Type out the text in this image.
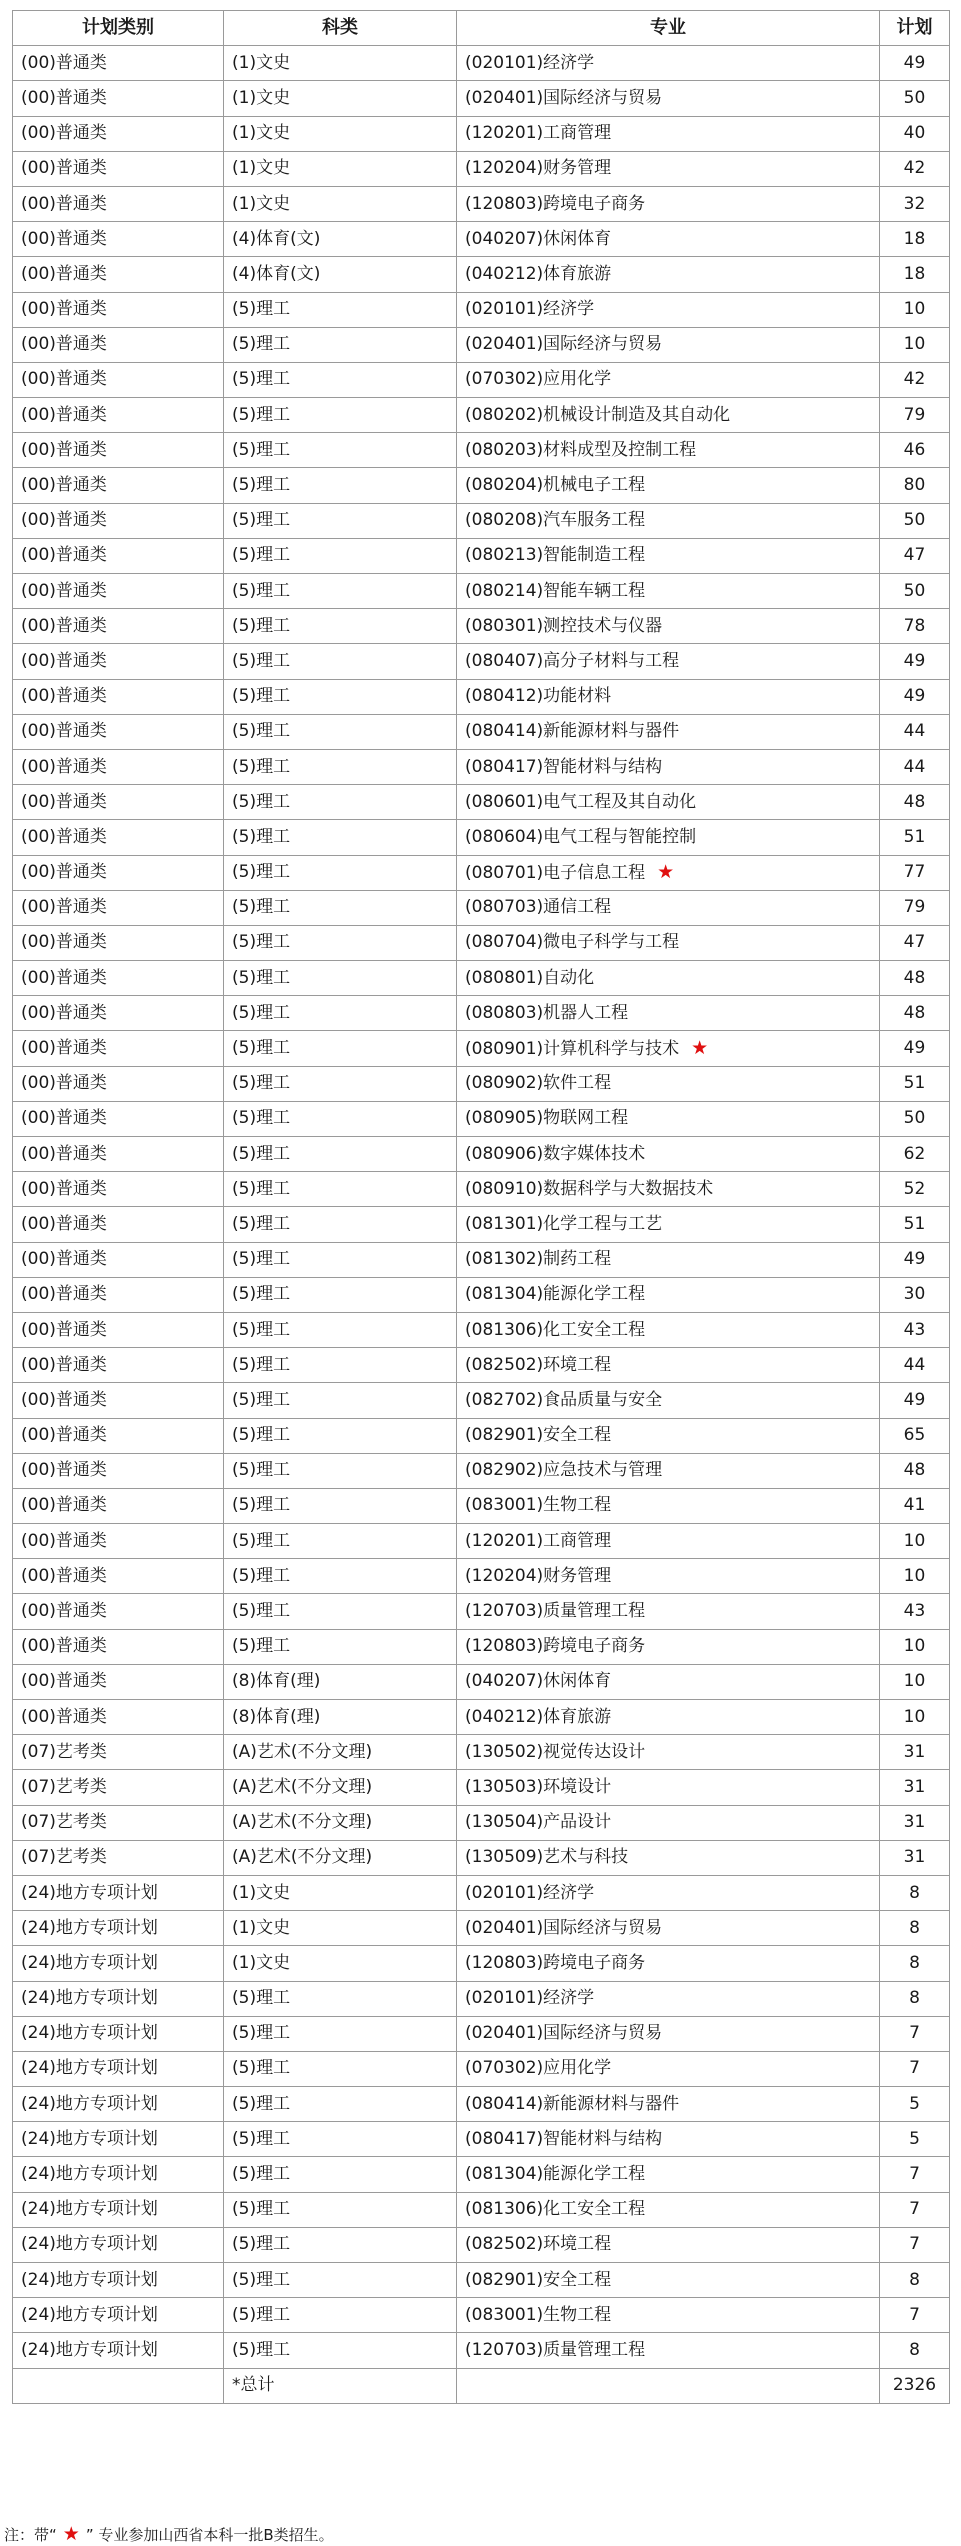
计划类别	科类	专业	计划
(00)普通类	(1)文史	(020101)经济学	49
(00)普通类	(1)文史	(020401)国际经济与贸易	50
(00)普通类	(1)文史	(120201)工商管理	40
(00)普通类	(1)文史	(120204)财务管理	42
(00)普通类	(1)文史	(120803)跨境电子商务	32
(00)普通类	(4)体育(文)	(040207)休闲体育	18
(00)普通类	(4)体育(文)	(040212)体育旅游	18
(00)普通类	(5)理工	(020101)经济学	10
(00)普通类	(5)理工	(020401)国际经济与贸易	10
(00)普通类	(5)理工	(070302)应用化学	42
(00)普通类	(5)理工	(080202)机械设计制造及其自动化	79
(00)普通类	(5)理工	(080203)材料成型及控制工程	46
(00)普通类	(5)理工	(080204)机械电子工程	80
(00)普通类	(5)理工	(080208)汽车服务工程	50
(00)普通类	(5)理工	(080213)智能制造工程	47
(00)普通类	(5)理工	(080214)智能车辆工程	50
(00)普通类	(5)理工	(080301)测控技术与仪器	78
(00)普通类	(5)理工	(080407)高分子材料与工程	49
(00)普通类	(5)理工	(080412)功能材料	49
(00)普通类	(5)理工	(080414)新能源材料与器件	44
(00)普通类	(5)理工	(080417)智能材料与结构	44
(00)普通类	(5)理工	(080601)电气工程及其自动化	48
(00)普通类	(5)理工	(080604)电气工程与智能控制	51
(00)普通类	(5)理工	(080701)电子信息工程 ★	77
(00)普通类	(5)理工	(080703)通信工程	79
(00)普通类	(5)理工	(080704)微电子科学与工程	47
(00)普通类	(5)理工	(080801)自动化	48
(00)普通类	(5)理工	(080803)机器人工程	48
(00)普通类	(5)理工	(080901)计算机科学与技术 ★	49
(00)普通类	(5)理工	(080902)软件工程	51
(00)普通类	(5)理工	(080905)物联网工程	50
(00)普通类	(5)理工	(080906)数字媒体技术	62
(00)普通类	(5)理工	(080910)数据科学与大数据技术	52
(00)普通类	(5)理工	(081301)化学工程与工艺	51
(00)普通类	(5)理工	(081302)制药工程	49
(00)普通类	(5)理工	(081304)能源化学工程	30
(00)普通类	(5)理工	(081306)化工安全工程	43
(00)普通类	(5)理工	(082502)环境工程	44
(00)普通类	(5)理工	(082702)食品质量与安全	49
(00)普通类	(5)理工	(082901)安全工程	65
(00)普通类	(5)理工	(082902)应急技术与管理	48
(00)普通类	(5)理工	(083001)生物工程	41
(00)普通类	(5)理工	(120201)工商管理	10
(00)普通类	(5)理工	(120204)财务管理	10
(00)普通类	(5)理工	(120703)质量管理工程	43
(00)普通类	(5)理工	(120803)跨境电子商务	10
(00)普通类	(8)体育(理)	(040207)休闲体育	10
(00)普通类	(8)体育(理)	(040212)体育旅游	10
(07)艺考类	(A)艺术(不分文理)	(130502)视觉传达设计	31
(07)艺考类	(A)艺术(不分文理)	(130503)环境设计	31
(07)艺考类	(A)艺术(不分文理)	(130504)产品设计	31
(07)艺考类	(A)艺术(不分文理)	(130509)艺术与科技	31
(24)地方专项计划	(1)文史	(020101)经济学	8
(24)地方专项计划	(1)文史	(020401)国际经济与贸易	8
(24)地方专项计划	(1)文史	(120803)跨境电子商务	8
(24)地方专项计划	(5)理工	(020101)经济学	8
(24)地方专项计划	(5)理工	(020401)国际经济与贸易	7
(24)地方专项计划	(5)理工	(070302)应用化学	7
(24)地方专项计划	(5)理工	(080414)新能源材料与器件	5
(24)地方专项计划	(5)理工	(080417)智能材料与结构	5
(24)地方专项计划	(5)理工	(081304)能源化学工程	7
(24)地方专项计划	(5)理工	(081306)化工安全工程	7
(24)地方专项计划	(5)理工	(082502)环境工程	7
(24)地方专项计划	(5)理工	(082901)安全工程	8
(24)地方专项计划	(5)理工	(083001)生物工程	7
(24)地方专项计划	(5)理工	(120703)质量管理工程	8
	*总计		2326
注：带“ ★ ” 专业参加山西省本科一批B类招生。
